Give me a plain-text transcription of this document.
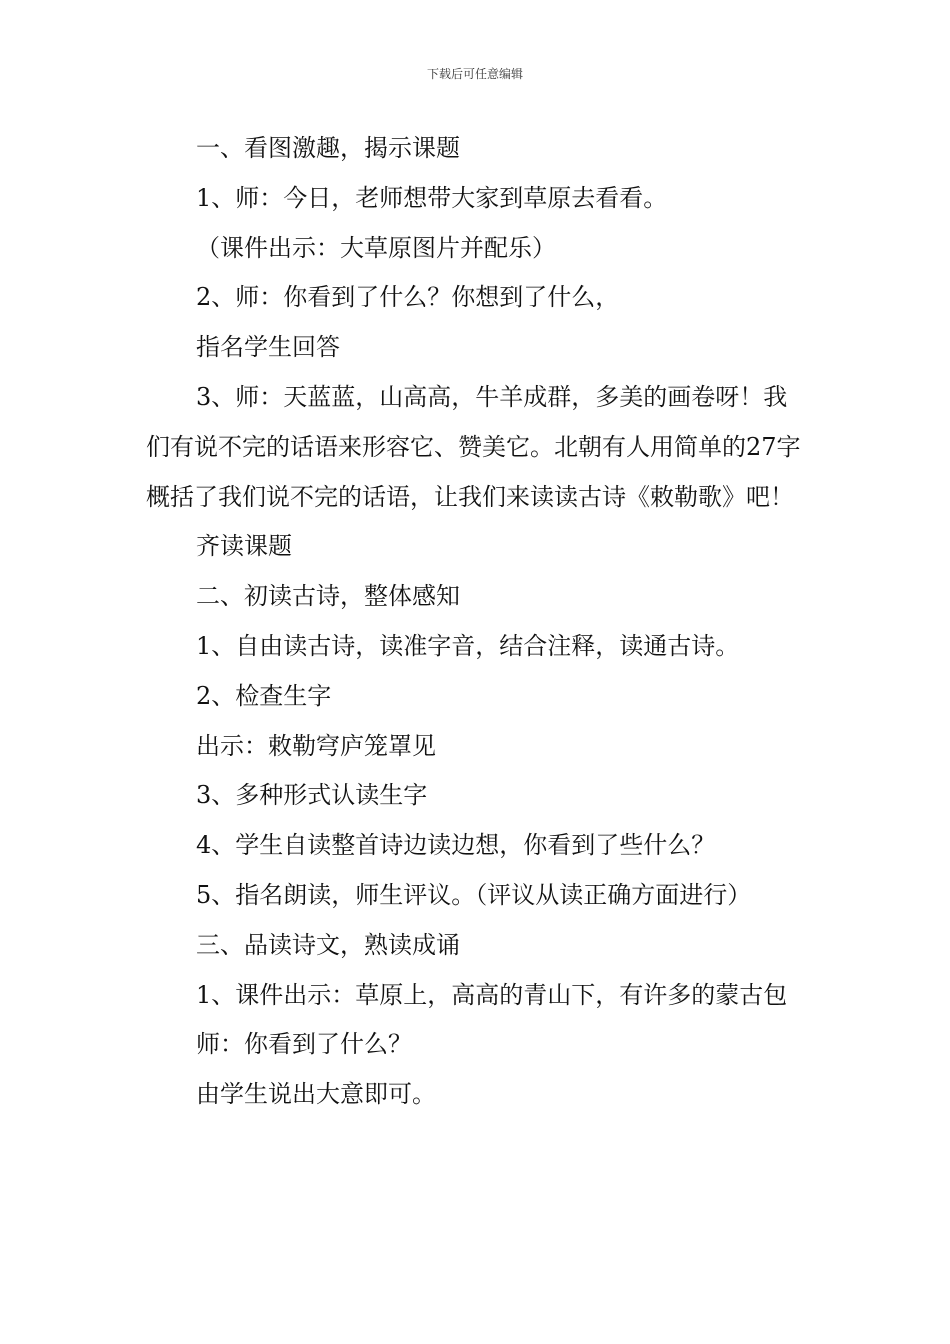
下载后可任意编辑

一、看图激趣，揭示课题

1、师：今日，老师想带大家到草原去看看。

（课件出示：大草原图片并配乐）

2、师：你看到了什么？你想到了什么，

指名学生回答

3、师：天蓝蓝，山高高，牛羊成群，多美的画卷呀！我们有说不完的话语来形容它、赞美它。北朝有人用简单的27字概括了我们说不完的话语，让我们来读读古诗《敕勒歌》吧！

齐读课题

二、初读古诗，整体感知

1、自由读古诗，读准字音，结合注释，读通古诗。

2、检查生字

出示：敕勒穹庐笼罩见

3、多种形式认读生字

4、学生自读整首诗边读边想，你看到了些什么？

5、指名朗读，师生评议。（评议从读正确方面进行）

三、品读诗文，熟读成诵

1、课件出示：草原上，高高的青山下，有许多的蒙古包

师：你看到了什么？

由学生说出大意即可。
